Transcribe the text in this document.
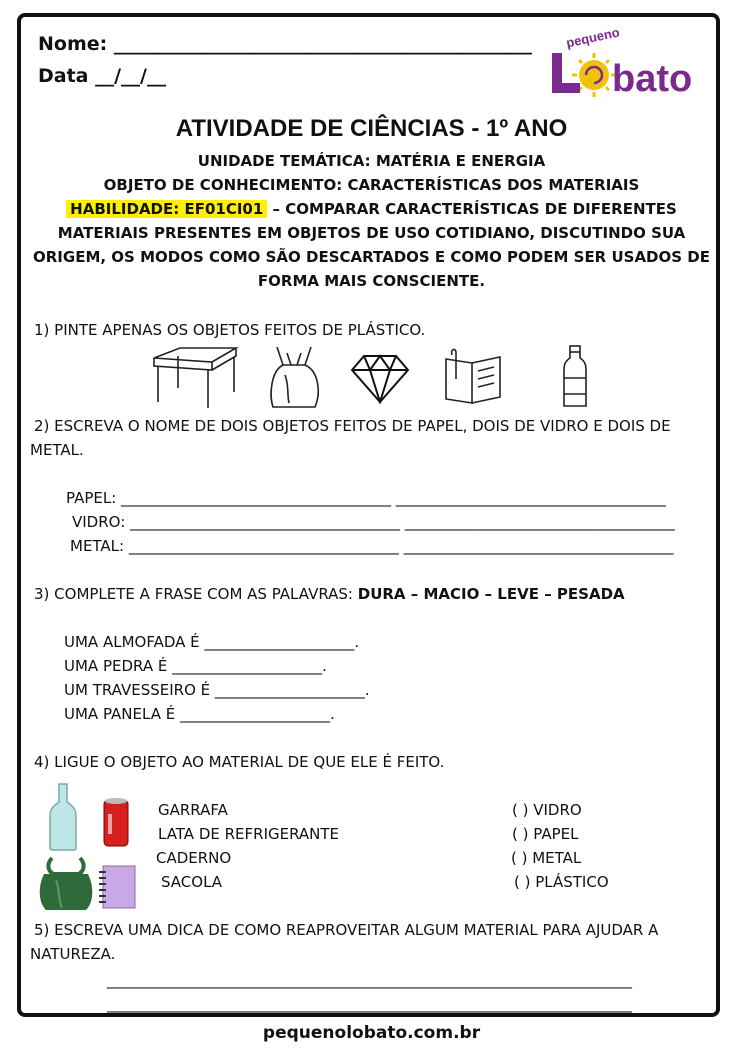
Nome: ____________________________________________
Data __/__/__
pequeno
bato
ATIVIDADE DE CIÊNCIAS - 1º ANO
UNIDADE TEMÁTICA: MATÉRIA E ENERGIA
OBJETO DE CONHECIMENTO: CARACTERÍSTICAS DOS MATERIAIS
HABILIDADE: EF01CI01 – COMPARAR CARACTERÍSTICAS DE DIFERENTES
MATERIAIS PRESENTES EM OBJETOS DE USO COTIDIANO, DISCUTINDO SUA
ORIGEM, OS MODOS COMO SÃO DESCARTADOS E COMO PODEM SER USADOS DE
FORMA MAIS CONSCIENTE.
1) PINTE APENAS OS OBJETOS FEITOS DE PLÁSTICO.
2) ESCREVA O NOME DE DOIS OBJETOS FEITOS DE PAPEL, DOIS DE VIDRO E DOIS DE
METAL.
PAPEL: ____________________________________ ____________________________________
VIDRO: ____________________________________ ____________________________________
METAL: ____________________________________ ____________________________________
3) COMPLETE A FRASE COM AS PALAVRAS: DURA – MACIO – LEVE – PESADA
UMA ALMOFADA É ____________________.
UMA PEDRA É ____________________.
UM TRAVESSEIRO É ____________________.
UMA PANELA É ____________________.
4) LIGUE O OBJETO AO MATERIAL DE QUE ELE É FEITO.
GARRAFA
LATA DE REFRIGERANTE
CADERNO
SACOLA
( ) VIDRO
( ) PAPEL
( ) METAL
( ) PLÁSTICO
5) ESCREVA UMA DICA DE COMO REAPROVEITAR ALGUM MATERIAL PARA AJUDAR A
NATUREZA.
______________________________________________________________________
______________________________________________________________________
pequenolobato.com.br
